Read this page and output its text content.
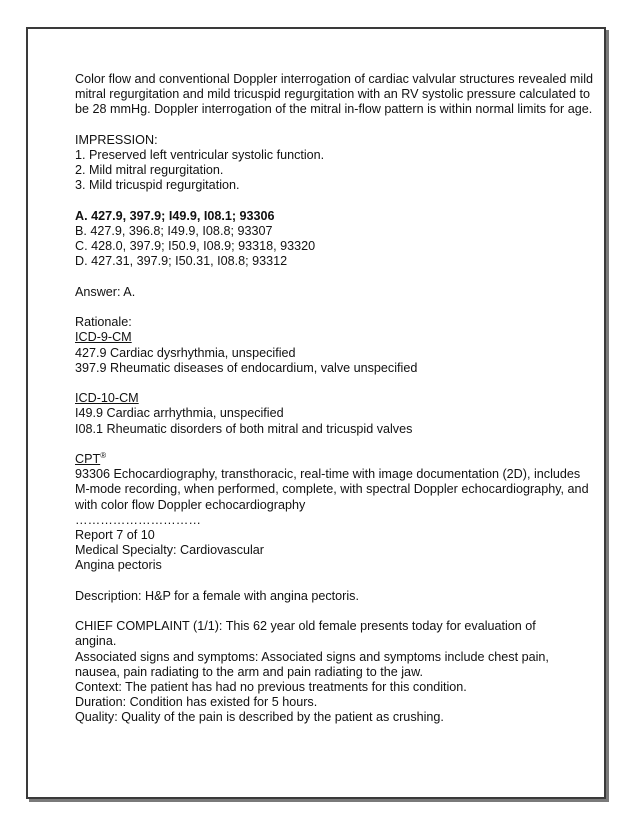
Color flow and conventional Doppler interrogation of cardiac valvular structures revealed mild mitral regurgitation and mild tricuspid regurgitation with an RV systolic pressure calculated to be 28 mmHg. Doppler interrogation of the mitral in-flow pattern is within normal limits for age.

IMPRESSION:

1. Preserved left ventricular systolic function.

2. Mild mitral regurgitation.

3. Mild tricuspid regurgitation.

A. 427.9, 397.9; I49.9, I08.1; 93306

B. 427.9, 396.8; I49.9, I08.8; 93307

C. 428.0, 397.9; I50.9, I08.9; 93318, 93320

D. 427.31, 397.9; I50.31, I08.8; 93312

Answer: A.

Rationale:

ICD-9-CM

427.9 Cardiac dysrhythmia, unspecified

397.9 Rheumatic diseases of endocardium, valve unspecified

ICD-10-CM

I49.9 Cardiac arrhythmia, unspecified

I08.1 Rheumatic disorders of both mitral and tricuspid valves

CPT®

93306 Echocardiography, transthoracic, real-time with image documentation (2D), includes M-mode recording, when performed, complete, with spectral Doppler echocardiography, and with color flow Doppler echocardiography

…………………………

Report 7 of 10

Medical Specialty: Cardiovascular

Angina pectoris

Description: H&P for a female with angina pectoris.

CHIEF COMPLAINT (1/1): This 62 year old female presents today for evaluation of

angina.

Associated signs and symptoms: Associated signs and symptoms include chest pain,

nausea, pain radiating to the arm and pain radiating to the jaw.

Context: The patient has had no previous treatments for this condition.

Duration: Condition has existed for 5 hours.

Quality: Quality of the pain is described by the patient as crushing.
